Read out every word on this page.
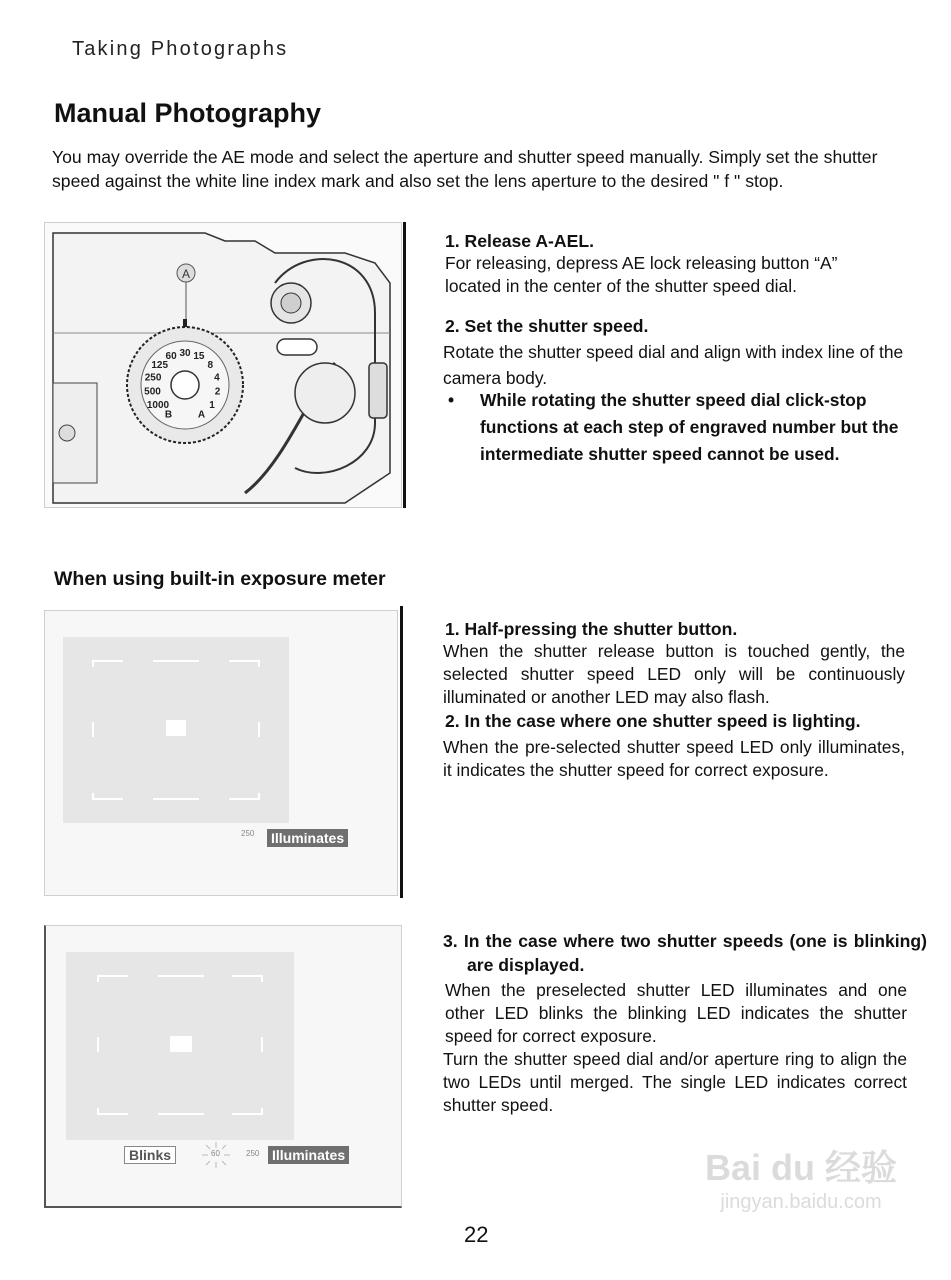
Taking Photographs
Manual Photography

You may override the AE mode and select the aperture and shutter speed manually. Simply set the shutter speed against the white line index mark and also set the lens aperture to the desired " f " stop.

A
B
1000
500
250
125
60 30 15
8
4
2
1
A
1. Release A-AEL.
For releasing, depress AE lock releasing button “A” located in the center of the shutter speed dial.
2. Set the shutter speed.
Rotate the shutter speed dial and align with index line of the camera body.
• While rotating the shutter speed dial click-stop functions at each step of engraved number but the intermediate shutter speed cannot be used.
When using built-in exposure meter
250 Illuminates
1. Half-pressing the shutter button.
When the shutter release button is touched gently, the selected shutter speed LED only will be continuously illuminated or another LED may also flash.
2. In the case where one shutter speed is lighting.
When the pre-selected shutter speed LED only illuminates, it indicates the shutter speed for correct exposure.
Blinks	60	250 Illuminates
3. In the case where two shutter speeds (one is blinking) are displayed.
When the preselected shutter LED illuminates and one other LED blinks the blinking LED indicates the shutter speed for correct exposure.
Turn the shutter speed dial and/or aperture ring to align the two LEDs until merged. The single LED indicates correct shutter speed.
22
Bai du 经验
jingyan.baidu.com
